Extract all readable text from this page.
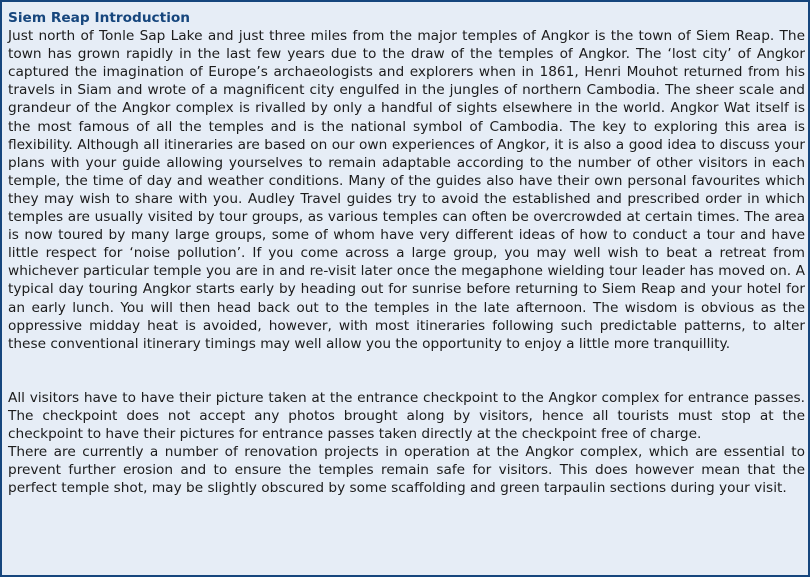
Siem Reap Introduction

Just north of Tonle Sap Lake and just three miles from the major temples of Angkor is the town of Siem Reap. The town has grown rapidly in the last few years due to the draw of the temples of Angkor. The ‘lost city’ of Angkor captured the imagination of Europe’s archaeologists and explorers when in 1861, Henri Mouhot returned from his travels in Siam and wrote of a magnificent city engulfed in the jungles of northern Cambodia. The sheer scale and grandeur of the Angkor complex is rivalled by only a handful of sights elsewhere in the world. Angkor Wat itself is the most famous of all the temples and is the national symbol of Cambodia. The key to exploring this area is flexibility. Although all itineraries are based on our own experiences of Angkor, it is also a good idea to discuss your plans with your guide allowing yourselves to remain adaptable according to the number of other visitors in each temple, the time of day and weather conditions. Many of the guides also have their own personal favourites which they may wish to share with you. Audley Travel guides try to avoid the established and prescribed order in which temples are usually visited by tour groups, as various temples can often be overcrowded at certain times. The area is now toured by many large groups, some of whom have very different ideas of how to conduct a tour and have little respect for ‘noise pollution’. If you come across a large group, you may well wish to beat a retreat from whichever particular temple you are in and re-visit later once the megaphone wielding tour leader has moved on. A typical day touring Angkor starts early by heading out for sunrise before returning to Siem Reap and your hotel for an early lunch. You will then head back out to the temples in the late afternoon. The wisdom is obvious as the oppressive midday heat is avoided, however, with most itineraries following such predictable patterns, to alter these conventional itinerary timings may well allow you the opportunity to enjoy a little more tranquillity.

All visitors have to have their picture taken at the entrance checkpoint to the Angkor complex for entrance passes. The checkpoint does not accept any photos brought along by visitors, hence all tourists must stop at the checkpoint to have their pictures for entrance passes taken directly at the checkpoint free of charge.

There are currently a number of renovation projects in operation at the Angkor complex, which are essential to prevent further erosion and to ensure the temples remain safe for visitors. This does however mean that the perfect temple shot, may be slightly obscured by some scaffolding and green tarpaulin sections during your visit.
